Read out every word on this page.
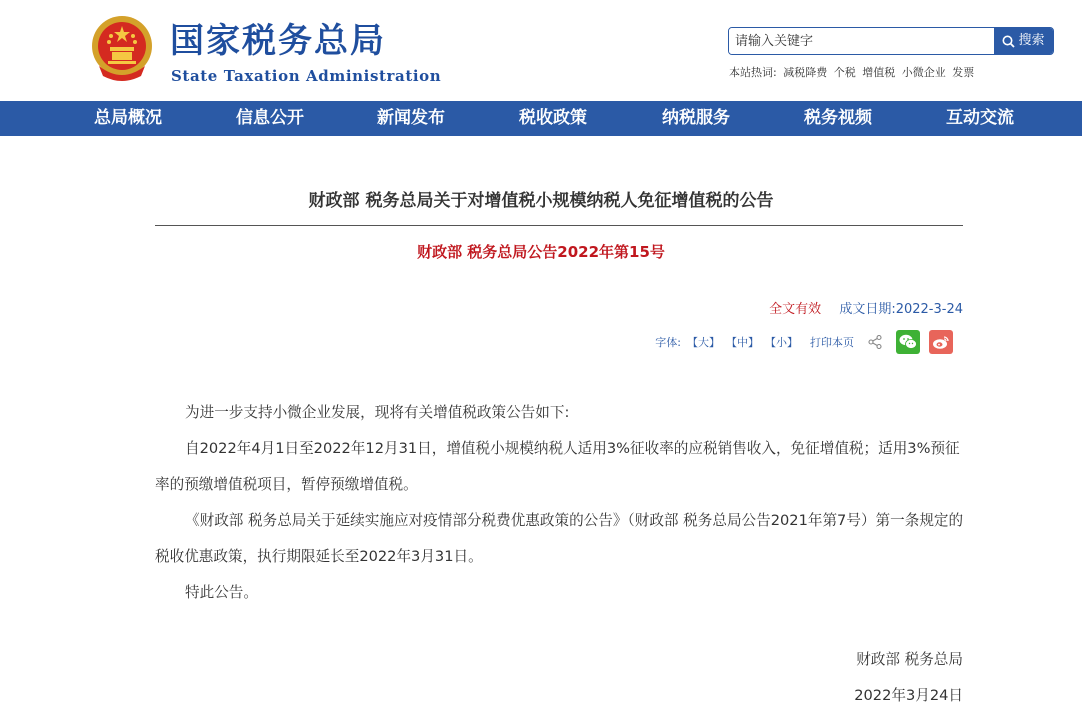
国家税务总局
State Taxation Administration
请输入关键字
搜索
本站热词: 减税降费 个税 增值税 小微企业 发票
总局概况	信息公开	新闻发布	税收政策	纳税服务	税务视频	互动交流
财政部 税务总局关于对增值税小规模纳税人免征增值税的公告
财政部 税务总局公告2022年第15号
全文有效 成文日期:2022-3-24
字体: 【大】 【中】 【小】 打印本页

为进一步支持小微企业发展，现将有关增值税政策公告如下:

自2022年4月1日至2022年12月31日，增值税小规模纳税人适用3%征收率的应税销售收入，免征增值税；适用3%预征率的预缴增值税项目，暂停预缴增值税。

《财政部 税务总局关于延续实施应对疫情部分税费优惠政策的公告》（财政部 税务总局公告2021年第7号）第一条规定的税收优惠政策，执行期限延长至2022年3月31日。

特此公告。

财政部 税务总局
2022年3月24日
